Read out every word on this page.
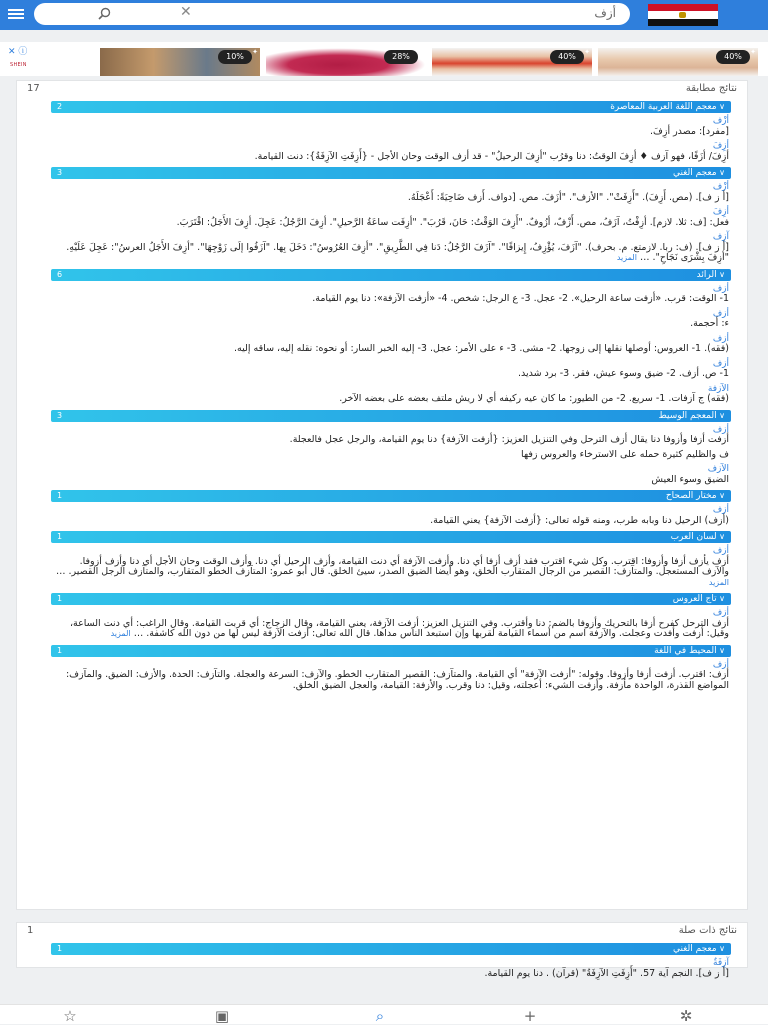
✕	أزف
✕ ⓘ
SHEIN
10%	✦	28%	✦	40%	✦	40%	✦
نتائج مطابقة
17
∨ معجم اللغة العربية المعاصرة
2
أزْف
[مفرد]: مصدر أزِفَ.
أزِفَ
أزِفَ/ أزَفًا، فهو آزف ♦ أزِفَ الوقتُ: دنا وقرُب "أزِفَ الرحيلُ" - قد أزف الوقت وحان الأجل - {أَزِفَتِ الآزِفَةُ}: دنت القيامة.
∨ معجم الغني
3
أزْف
[أ ز ف]. (مص. أَزِفَ). "أَزِفَتْ". "الأزف". "أزَفَ. مص. [دواف. أَزف ضَاحِيَةً: أَعْجَلَهُ.
أزِفَ
فعل: [ف: ثلا. لازم]. أزِفْتُ، آزَفُ، مص. أَزْفٌ، أزُوفٌ. "أَزِفَ الوَقْتُ: حَانَ، قَرُبَ". "أزِفَت ساعَةُ الرَّحيلِ". أزِفَ الرَّجُلُ: عَجِلَ. أزِفَ الأَجَلُ: اقْتَرَبَ.
آزِف
[أ ز ف]. (ف: ربا. لازمتع. م. بحرف). "آزَفَ، يُؤْزِفُ، إِيزافًا". "آزَفَ الرَّجُلُ: دَنا فِي الطَّرِيقِ". "أزِفَ العُرُوسُ": دَخَلَ بِها. "آزَفُوا إلَى زَوْجِهَا". "أزِفَ الأَجَلُ العرسُ": عَجِلَ عَلَيْهِ. "أزِفَ بِشْرَى نَجَاحِ". … المزيد
∨ الرائد
6
أزف
1- الوقت: قرب. «أزفت ساعة الرحيل». 2- عجل. 3- ع الرجل: شخص. 4- «أزفت الآزفة»: دنا يوم القيامة.
أزف
ء: أحجمة.
أزف
(فقه). 1- العروس: أوصلها نقلها إلى زوجها. 2- مشى. 3- ء على الأمر: عجل. 3- إليه الخبر السار: أو نحوه: نقله إليه، ساقه إليه.
أزف
1- ص. أزف. 2- ضيق وسوء عيش، فقر. 3- برد شديد.
الآزفة
(فقه) ج آزفات. 1- سريع. 2- من الطيور: ما كان عيه ركيفه أي لا ريش ملتف بعضه على بعضه الآخر.
∨ المعجم الوسيط
3
أزف
أزفت أزفا وأزوفا دنا يقال أزف الترحل وفي التنزيل العزيز: {أزفت الآزفة} دنا يوم القيامة، والرجل عجل فالعجلة.
ف والظليم كثيرة حمله على الاسترخاء والعروس زفها
الآزف
الضيق وسوء العيش
∨ مختار الصحاح
1
أزف
(أزف) الرحيل دنا وبابه طرب، ومنه قوله تعالى: {أزفت الآزفة} يعني القيامة.
∨ لسان العرب
1
أزف
أزف يأزف أزفا وأزوفا: اقترب. وكل شيء اقترب فقد أزف أزفا أي دنا. وأزفت الآزفة أي دنت القيامة، وأزف الرحيل أي دنا. وأزف الوقت وحان الأجل أي دنا وأزف أزوفا. والآزف المستعجل. والمتآزف: القصير من الرجال المتقارب الخلق، وهو أيضا الضيق الصدر، سيئ الخلق. قال أبو عمرو: المتآزف الخطو المتقارب، والمتآزف الرجل القصير. … المزيد
∨ تاج العروس
1
أزف
أزف الترحل كفرح أزفا بالتحريك وأزوفا بالضم: دنا وأقترب. وفي التنزيل العزيز: أزفت الآزفة، يعني القيامة، وقال الزجاج: أي قربت القيامة. وقال الراغب: أي دنت الساعة، وقيل: أزفت وأفدت وعجلت. والآزفة اسم من أسماء القيامة لقربها وإن استبعد الناس مداها. قال الله تعالى: أزفت الآزفة ليس لها من دون الله كاشفة. … المزيد
∨ المحيط في اللغة
1
أزف
أزف: اقترب. أزفت أزفا وأزوفا. وقوله: "أزفت الآزفة" أي القيامة. والمتآزف: القصير المتقارب الخطو. والآزف: السرعة والعجلة. والتآزف: الحدة. والأزف: الضيق. والمآزف: المواضع القذرة، الواحدة مأزفة. وأزفت الشيء: أعجلته، وقيل: دنا وقرب. والأزفة: القيامة، والعجل الضيق الخلق.
نتائج ذات صلة
1
∨ معجم الغني
1
آزِفَةٌ
[أ ز ف]. النجم آية 57. "أَزِفَتِ الآزِفَةُ" (قرآن) . دنا يوم القيامة.
☆	▣	⌕	+	✲
